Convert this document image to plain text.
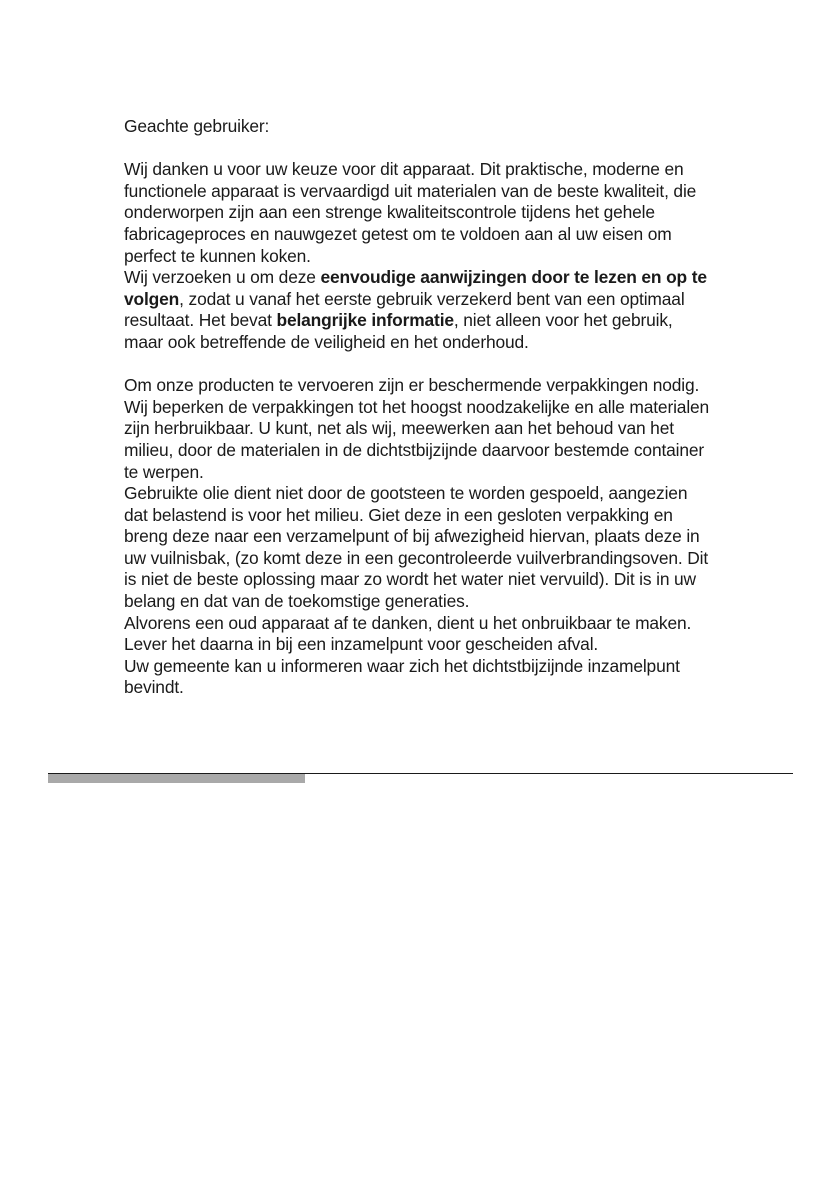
Geachte gebruiker:

Wij danken u voor uw keuze voor dit apparaat. Dit praktische, moderne en functionele apparaat is vervaardigd uit materialen van de beste kwaliteit, die onderworpen zijn aan een strenge kwaliteitscontrole tijdens het gehele fabricageproces en nauwgezet getest om te voldoen aan al uw eisen om perfect te kunnen koken.

Wij verzoeken u om deze eenvoudige aanwijzingen door te lezen en op te volgen, zodat u vanaf het eerste gebruik verzekerd bent van een optimaal resultaat. Het bevat belangrijke informatie, niet alleen voor het gebruik, maar ook betreffende de veiligheid en het onderhoud.

Om onze producten te vervoeren zijn er beschermende verpakkingen nodig. Wij beperken de verpakkingen tot het hoogst noodzakelijke en alle materialen zijn herbruikbaar. U kunt, net als wij, meewerken aan het behoud van het milieu, door de materialen in de dichtstbijzijnde daarvoor bestemde container te werpen.

Gebruikte olie dient niet door de gootsteen te worden gespoeld, aangezien dat belastend is voor het milieu. Giet deze in een gesloten verpakking en breng deze naar een verzamelpunt of bij afwezigheid hiervan, plaats deze in uw vuilnisbak, (zo komt deze in een gecontroleerde vuilverbrandingsoven. Dit is niet de beste oplossing maar zo wordt het water niet vervuild). Dit is in uw belang en dat van de toekomstige generaties.

Alvorens een oud apparaat af te danken, dient u het onbruikbaar te maken. Lever het daarna in bij een inzamelpunt voor gescheiden afval.

Uw gemeente kan u informeren waar zich het dichtstbijzijnde inzamelpunt bevindt.
